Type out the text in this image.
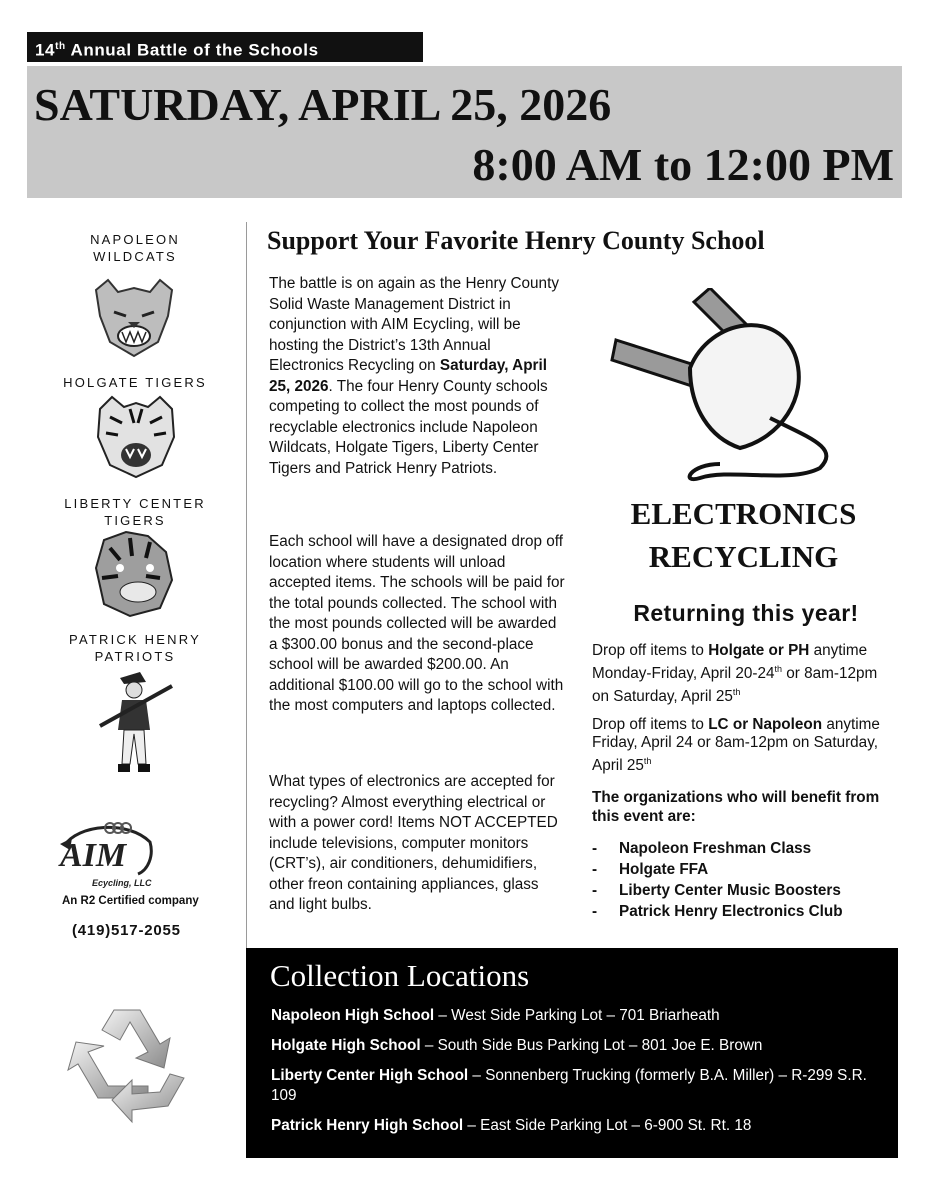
14th Annual Battle of the Schools
SATURDAY, APRIL 25, 2026
8:00 AM to 12:00 PM
NAPOLEON
WILDCATS
HOLGATE TIGERS
LIBERTY CENTER
TIGERS
PATRICK HENRY
PATRIOTS
AIM
Ecycling, LLC
An R2 Certified company
(419)517-2055
Support Your Favorite Henry County School

The battle is on again as the Henry County Solid Waste Management District in conjunction with AIM Ecycling, will be hosting the District’s 13th Annual Electronics Recycling on Saturday, April 25, 2026. The four Henry County schools competing to collect the most pounds of recyclable electronics include Napoleon Wildcats, Holgate Tigers, Liberty Center Tigers and Patrick Henry Patriots.

Each school will have a designated drop off location where students will unload accepted items. The schools will be paid for the total pounds collected. The school with the most pounds collected will be awarded a $300.00 bonus and the second-place school will be awarded $200.00. An additional $100.00 will go to the school with the most computers and laptops collected.

What types of electronics are accepted for recycling? Almost everything electrical or with a power cord! Items NOT ACCEPTED include televisions, computer monitors (CRT’s), air conditioners, dehumidifiers, other freon containing appliances, glass and light bulbs.

ELECTRONICS
RECYCLING
Returning this year!

Drop off items to Holgate or PH anytime Monday-Friday, April 20-24th or 8am-12pm on Saturday, April 25th

Drop off items to LC or Napoleon anytime Friday, April 24 or 8am-12pm on Saturday, April 25th

The organizations who will benefit from this event are:
- Napoleon Freshman Class
- Holgate FFA
- Liberty Center Music Boosters
- Patrick Henry Electronics Club
Collection Locations
Napoleon High School – West Side Parking Lot – 701 Briarheath
Holgate High School – South Side Bus Parking Lot – 801 Joe E. Brown
Liberty Center High School – Sonnenberg Trucking (formerly B.A. Miller) – R-299 S.R. 109
Patrick Henry High School – East Side Parking Lot – 6-900 St. Rt. 18
